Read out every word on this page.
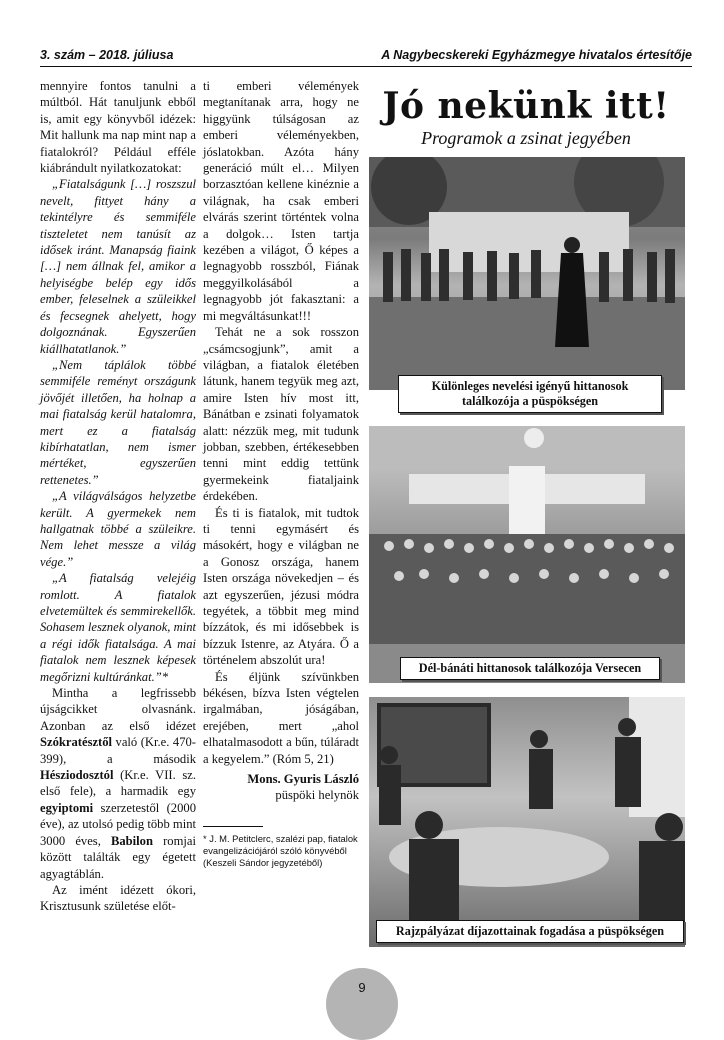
3. szám – 2018. júliusa	A Nagybecskereki Egyházmegye hivatalos értesítője

mennyire fontos tanulni a múltból. Hát tanuljunk ebből is, amit egy könyvből idézek: Mit hallunk ma nap mint nap a fiatalokról? Például efféle kiábrándult nyilatkozatokat:

„Fiatalságunk […] roszszul nevelt, fittyet hány a tekintélyre és semmiféle tiszteletet nem tanúsít az idősek iránt. Manapság fiaink […] nem állnak fel, amikor a helyiségbe belép egy idős ember, feleselnek a szüleikkel és fecsegnek ahelyett, hogy dolgoznának. Egyszerűen kiállhatatlanok.”

„Nem táplálok többé semmiféle reményt országunk jövőjét illetően, ha holnap a mai fiatalság kerül hatalomra, mert ez a fiatalság kibírhatatlan, nem ismer mértéket, egyszerűen rettenetes.”

„A világválságos helyzetbe került. A gyermekek nem hallgatnak többé a szüleikre. Nem lehet messze a világ vége.”

„A fiatalság velejéig romlott. A fiatalok elvetemültek és semmirekellők. Sohasem lesznek olyanok, mint a régi idők fiatalsága. A mai fiatalok nem lesznek képesek megőrizni kultúránkat.”*

Mintha a legfrissebb újságcikket olvasnánk. Azonban az első idézet Szókratésztől való (Kr.e. 470-399), a második Hésziodosztól (Kr.e. VII. sz. első fele), a harmadik egy egyiptomi szerzetestől (2000 éve), az utolsó pedig több mint 3000 éves, Babilon romjai között találták egy égetett agyagtáblán.

Az imént idézett ókori, Krisztusunk születése előt-

ti emberi vélemények megtanítanak arra, hogy ne higgyünk túlságosan az emberi véleményekben, jóslatokban. Azóta hány generáció múlt el… Milyen borzasztóan kellene kinéznie a világnak, ha csak emberi elvárás szerint történtek volna a dolgok… Isten tartja kezében a világot, Ő képes a legnagyobb rosszból, Fiának meggyilkolásából a legnagyobb jót fakasztani: a mi megváltásunkat!!!

Tehát ne a sok rosszon „csámcsogjunk”, amit a világban, a fiatalok életében látunk, hanem tegyük meg azt, amire Isten hív most itt, Bánátban e zsinati folyamatok alatt: nézzük meg, mit tudunk jobban, szebben, értékesebben tenni mint eddig tettünk gyermekeink fiataljaink érdekében.

És ti is fiatalok, mit tudtok ti tenni egymásért és másokért, hogy e világban ne a Gonosz országa, hanem Isten országa növekedjen – és azt egyszerűen, jézusi módra tegyétek, a többit meg mind bízzátok, és mi idősebbek is bízzuk Istenre, az Atyára. Ő a történelem abszolút ura!

És éljünk szívünkben békésen, bízva Isten végtelen irgalmában, jóságában, erejében, mert „ahol elhatalmasodott a bűn, túláradt a kegyelem.” (Róm 5, 21)

Mons. Gyuris László
püspöki helynök
* J. M. Petitclerc, szalézi pap, fiatalok evangelizációjáról szóló könyvéből (Keszeli Sándor jegyzetéből)
Jó nekünk itt!
Programok a zsinat jegyében
Különleges nevelési igényű hittanosok találkozója a püspökségen
Dél-bánáti hittanosok találkozója Versecen
Rajzpályázat díjazottainak fogadása a püspökségen
9
